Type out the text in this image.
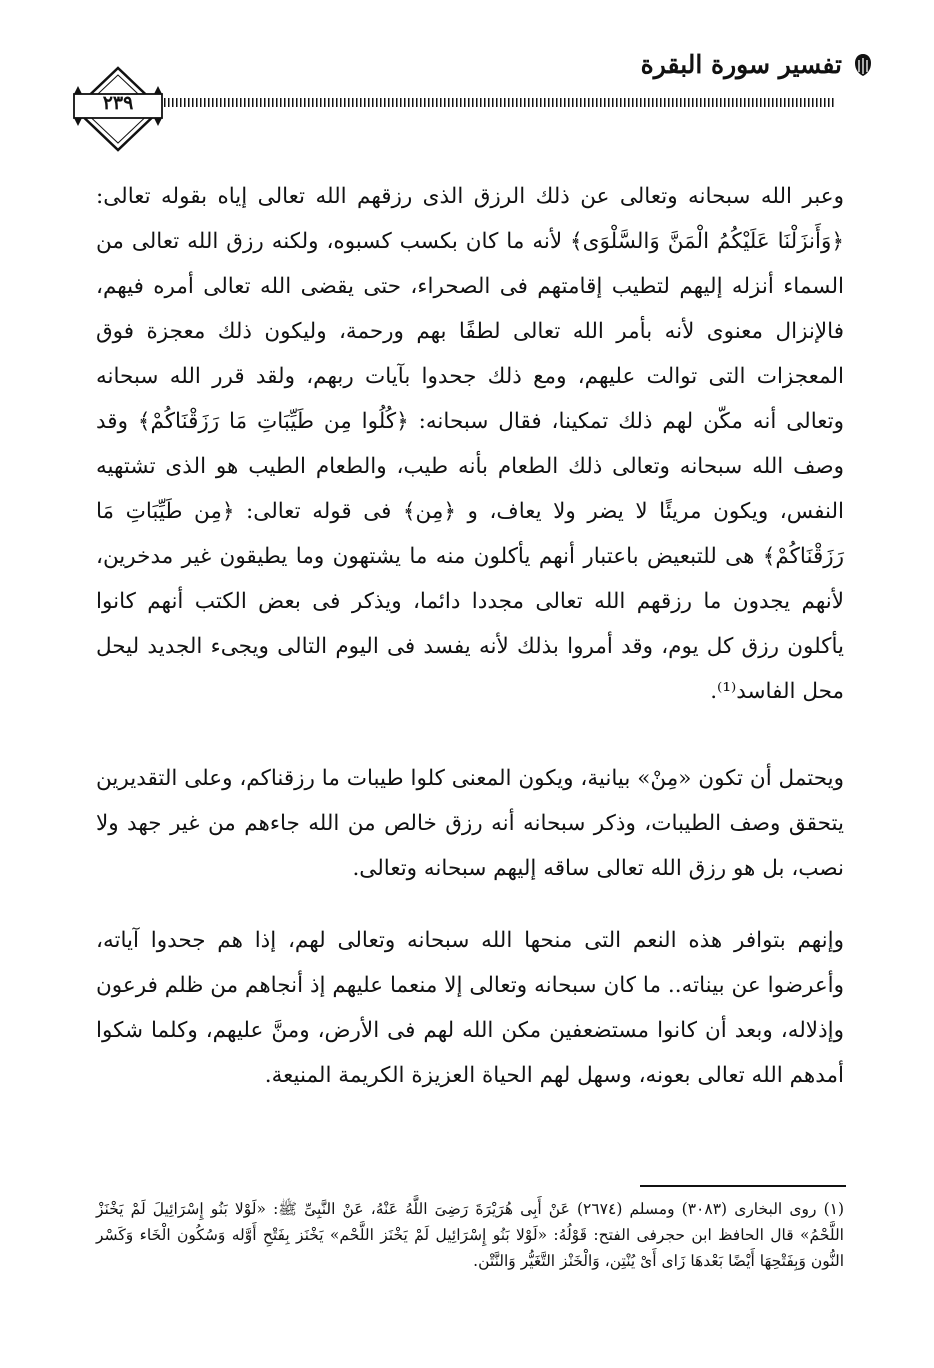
تفسير سورة البقرة
٢٣٩
وعبر الله سبحانه وتعالى عن ذلك الرزق الذى رزقهم الله تعالى إياه بقوله تعالى: ﴿وَأَنزَلْنَا عَلَيْكُمُ الْمَنَّ وَالسَّلْوَى﴾ لأنه ما كان بكسب كسبوه، ولكنه رزق الله تعالى من السماء أنزله إليهم لتطيب إقامتهم فى الصحراء، حتى يقضى الله تعالى أمره فيهم، فالإنزال معنوى لأنه بأمر الله تعالى لطفًا بهم ورحمة، وليكون ذلك معجزة فوق المعجزات التى توالت عليهم، ومع ذلك جحدوا بآيات ربهم، ولقد قرر الله سبحانه وتعالى أنه مكّن لهم ذلك تمكينا، فقال سبحانه: ﴿كُلُوا مِن طَيِّبَاتِ مَا رَزَقْنَاكُمْ﴾ وقد وصف الله سبحانه وتعالى ذلك الطعام بأنه طيب، والطعام الطيب هو الذى تشتهيه النفس، ويكون مريئًا لا يضر ولا يعاف، و ﴿مِن﴾ فى قوله تعالى: ﴿مِن طَيِّبَاتِ مَا رَزَقْنَاكُمْ﴾ هى للتبعيض باعتبار أنهم يأكلون منه ما يشتهون وما يطيقون غير مدخرين، لأنهم يجدون ما رزقهم الله تعالى مجددا دائما، ويذكر فى بعض الكتب أنهم كانوا يأكلون رزق كل يوم، وقد أمروا بذلك لأنه يفسد فى اليوم التالى ويجىء الجديد ليحل محل الفاسد⁽¹⁾.
ويحتمل أن تكون «مِنْ» بيانية، ويكون المعنى كلوا طيبات ما رزقناكم، وعلى التقديرين يتحقق وصف الطيبات، وذكر سبحانه أنه رزق خالص من الله جاءهم من غير جهد ولا نصب، بل هو رزق الله تعالى ساقه إليهم سبحانه وتعالى.
وإنهم بتوافر هذه النعم التى منحها الله سبحانه وتعالى لهم، إذا هم جحدوا آياته، وأعرضوا عن بيناته.. ما كان سبحانه وتعالى إلا منعما عليهم إذ أنجاهم من ظلم فرعون وإذلاله، وبعد أن كانوا مستضعفين مكن الله لهم فى الأرض، ومنَّ عليهم، وكلما شكوا أمدهم الله تعالى بعونه، وسهل لهم الحياة العزيزة الكريمة المنيعة.
(١) روى البخارى (٣٠٨٣) ومسلم (٢٦٧٤) عَنْ أَبِى هُرَيْرَةَ رَضِىَ اللَّهُ عَنْهُ، عَنْ النَّبِىِّ ﷺ: «لَوْلا بَنُو إِسْرَائِيلَ لَمْ يَخْنَزْ اللَّحْمُ» قال الحافظ ابن حجرفى الفتح: قَوْلُهُ: «لَوْلا بَنُو إِسْرَائِيل لَمْ يَخْنَز اللَّحْم» يَخْنَز بِفَتْحِ أَوَّله وَسُكُون الْخَاء وَكَسْر النُّون وَبِفَتْحِهَا أَيْضًا بَعْدهَا زَاى أَىْ يُنْتِن، وَالْخَنْز التَّغَيُّر وَالنَّتْن.
